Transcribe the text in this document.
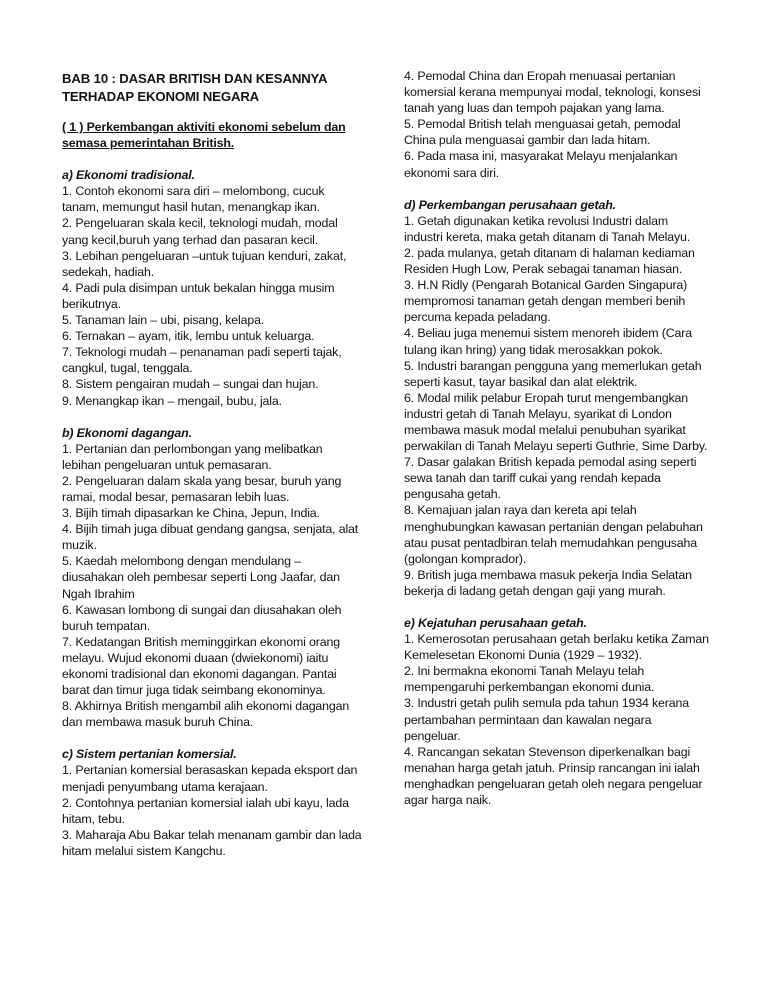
BAB 10 : DASAR BRITISH DAN KESANNYA
TERHADAP EKONOMI NEGARA
( 1 ) Perkembangan aktiviti ekonomi sebelum dan semasa pemerintahan British.
a) Ekonomi tradisional.
1. Contoh ekonomi sara diri – melombong, cucuk tanam, memungut hasil hutan, menangkap ikan.
2. Pengeluaran skala kecil, teknologi mudah, modal yang kecil,buruh yang terhad dan pasaran kecil.
3. Lebihan pengeluaran –untuk tujuan kenduri, zakat, sedekah, hadiah.
4. Padi pula disimpan untuk bekalan hingga musim berikutnya.
5. Tanaman lain – ubi, pisang, kelapa.
6. Ternakan – ayam, itik, lembu untuk keluarga.
7. Teknologi mudah – penanaman padi seperti tajak, cangkul, tugal, tenggala.
8. Sistem pengairan mudah – sungai dan hujan.
9. Menangkap ikan – mengail, bubu, jala.
b) Ekonomi dagangan.
1. Pertanian dan perlombongan yang melibatkan lebihan pengeluaran untuk pemasaran.
2. Pengeluaran dalam skala yang besar, buruh yang ramai, modal besar, pemasaran lebih luas.
3. Bijih timah dipasarkan ke China, Jepun, India.
4. Bijih timah juga dibuat gendang gangsa, senjata, alat muzik.
5. Kaedah melombong dengan mendulang – diusahakan oleh pembesar seperti Long Jaafar, dan Ngah Ibrahim
6. Kawasan lombong di sungai dan diusahakan oleh buruh tempatan.
7. Kedatangan British meminggirkan ekonomi orang melayu. Wujud ekonomi duaan (dwiekonomi) iaitu ekonomi tradisional dan ekonomi dagangan. Pantai barat dan timur juga tidak seimbang ekonominya.
8. Akhirnya British mengambil alih ekonomi dagangan dan membawa masuk buruh China.
c) Sistem pertanian komersial.
1. Pertanian komersial berasaskan kepada eksport dan menjadi penyumbang utama kerajaan.
2. Contohnya pertanian komersial ialah ubi kayu, lada hitam, tebu.
3. Maharaja Abu Bakar telah menanam gambir dan lada hitam melalui sistem Kangchu.
4. Pemodal China dan Eropah menuasai pertanian komersial kerana mempunyai modal, teknologi, konsesi tanah yang luas dan tempoh pajakan yang lama.
5. Pemodal British telah menguasai getah, pemodal China pula menguasai gambir dan lada hitam.
6. Pada masa ini, masyarakat Melayu menjalankan ekonomi sara diri.
d) Perkembangan perusahaan getah.
1. Getah digunakan ketika revolusi Industri dalam industri kereta, maka getah ditanam di Tanah Melayu.
2. pada mulanya, getah ditanam di halaman kediaman Residen Hugh Low, Perak sebagai tanaman hiasan.
3. H.N Ridly (Pengarah Botanical Garden Singapura) mempromosi tanaman getah dengan memberi benih percuma kepada peladang.
4. Beliau juga menemui sistem menoreh ibidem (Cara tulang ikan hring) yang tidak merosakkan pokok.
5. Industri barangan pengguna yang memerlukan getah seperti kasut, tayar basikal dan alat elektrik.
6. Modal milik pelabur Eropah turut mengembangkan industri getah di Tanah Melayu, syarikat di London membawa masuk modal melalui penubuhan syarikat perwakilan di Tanah Melayu seperti Guthrie, Sime Darby.
7. Dasar galakan British kepada pemodal asing seperti sewa tanah dan tariff cukai yang rendah kepada pengusaha getah.
8. Kemajuan jalan raya dan kereta api telah menghubungkan kawasan pertanian dengan pelabuhan atau pusat pentadbiran telah memudahkan pengusaha (golongan komprador).
9. British juga membawa masuk pekerja India Selatan bekerja di ladang getah dengan gaji yang murah.
e) Kejatuhan perusahaan getah.
1. Kemerosotan perusahaan getah berlaku ketika Zaman Kemelesetan Ekonomi Dunia (1929 – 1932).
2. Ini bermakna ekonomi Tanah Melayu telah mempengaruhi perkembangan ekonomi dunia.
3. Industri getah pulih semula pda tahun 1934 kerana pertambahan permintaan dan kawalan negara pengeluar.
4. Rancangan sekatan Stevenson diperkenalkan bagi menahan harga getah jatuh. Prinsip rancangan ini ialah menghadkan pengeluaran getah oleh negara pengeluar agar harga naik.
